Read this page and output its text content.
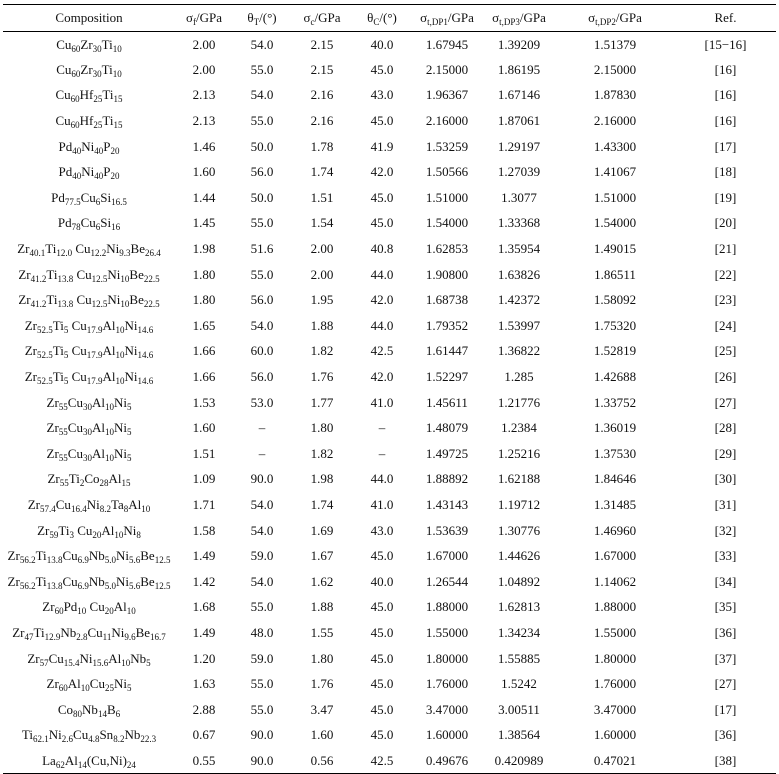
Composition	$\sigma_f$/GPa	$\theta_T/(^\circ)$	$\sigma_c$/GPa	$\theta_C/(^\circ)$	$\sigma_{t,DP1}$/GPa	$\sigma_{t,DP3}$/GPa	$\sigma_{t,DP2}$/GPa	Ref.
$Cu_{60}Zr_{30}Ti_{10}$	2.00	54.0	2.15	40.0	1.67945	1.39209	1.51379	[15−16]
$Cu_{60}Zr_{30}Ti_{10}$	2.00	55.0	2.15	45.0	2.15000	1.86195	2.15000	[16]
$Cu_{60}Hf_{25}Ti_{15}$	2.13	54.0	2.16	43.0	1.96367	1.67146	1.87830	[16]
$Cu_{60}Hf_{25}Ti_{15}$	2.13	55.0	2.16	45.0	2.16000	1.87061	2.16000	[16]
$Pd_{40}Ni_{40}P_{20}$	1.46	50.0	1.78	41.9	1.53259	1.29197	1.43300	[17]
$Pd_{40}Ni_{40}P_{20}$	1.60	56.0	1.74	42.0	1.50566	1.27039	1.41067	[18]
$Pd_{77.5}Cu_6Si_{16.5}$	1.44	50.0	1.51	45.0	1.51000	1.3077	1.51000	[19]
$Pd_{78}Cu_6Si_{16}$	1.45	55.0	1.54	45.0	1.54000	1.33368	1.54000	[20]
$Zr_{40.1}Ti_{12.0}$ $Cu_{12.2}Ni_{9.3}Be_{26.4}$	1.98	51.6	2.00	40.8	1.62853	1.35954	1.49015	[21]
$Zr_{41.2}Ti_{13.8}$ $Cu_{12.5}Ni_{10}Be_{22.5}$	1.80	55.0	2.00	44.0	1.90800	1.63826	1.86511	[22]
$Zr_{41.2}Ti_{13.8}$ $Cu_{12.5}Ni_{10}Be_{22.5}$	1.80	56.0	1.95	42.0	1.68738	1.42372	1.58092	[23]
$Zr_{52.5}Ti_5$ $Cu_{17.9}Al_{10}Ni_{14.6}$	1.65	54.0	1.88	44.0	1.79352	1.53997	1.75320	[24]
$Zr_{52.5}Ti_5$ $Cu_{17.9}Al_{10}Ni_{14.6}$	1.66	60.0	1.82	42.5	1.61447	1.36822	1.52819	[25]
$Zr_{52.5}Ti_5$ $Cu_{17.9}Al_{10}Ni_{14.6}$	1.66	56.0	1.76	42.0	1.52297	1.285	1.42688	[26]
$Zr_{55}Cu_{30}Al_{10}Ni_5$	1.53	53.0	1.77	41.0	1.45611	1.21776	1.33752	[27]
$Zr_{55}Cu_{30}Al_{10}Ni_5$	1.60	–	1.80	–	1.48079	1.2384	1.36019	[28]
$Zr_{55}Cu_{30}Al_{10}Ni_5$	1.51	–	1.82	–	1.49725	1.25216	1.37530	[29]
$Zr_{55}Ti_2Co_{28}Al_{15}$	1.09	90.0	1.98	44.0	1.88892	1.62188	1.84646	[30]
$Zr_{57.4}Cu_{16.4}Ni_{8.2}Ta_8Al_{10}$	1.71	54.0	1.74	41.0	1.43143	1.19712	1.31485	[31]
$Zr_{59}Ti_3$ $Cu_{20}Al_{10}Ni_8$	1.58	54.0	1.69	43.0	1.53639	1.30776	1.46960	[32]
$Zr_{56.2}Ti_{13.8}Cu_{6.9}Nb_{5.0}Ni_{5.6}Be_{12.5}$	1.49	59.0	1.67	45.0	1.67000	1.44626	1.67000	[33]
$Zr_{56.2}Ti_{13.8}Cu_{6.9}Nb_{5.0}Ni_{5.6}Be_{12.5}$	1.42	54.0	1.62	40.0	1.26544	1.04892	1.14062	[34]
$Zr_{60}Pd_{10}$ $Cu_{20}Al_{10}$	1.68	55.0	1.88	45.0	1.88000	1.62813	1.88000	[35]
$Zr_{47}Ti_{12.9}Nb_{2.8}Cu_{11}Ni_{9.6}Be_{16.7}$	1.49	48.0	1.55	45.0	1.55000	1.34234	1.55000	[36]
$Zr_{57}Cu_{15.4}Ni_{15.6}Al_{10}Nb_5$	1.20	59.0	1.80	45.0	1.80000	1.55885	1.80000	[37]
$Zr_{60}Al_{10}Cu_{25}Ni_5$	1.63	55.0	1.76	45.0	1.76000	1.5242	1.76000	[27]
$Co_{80}Nb_{14}B_6$	2.88	55.0	3.47	45.0	3.47000	3.00511	3.47000	[17]
$Ti_{62.1}Ni_{2.6}Cu_{4.8}Sn_{8.2}Nb_{22.3}$	0.67	90.0	1.60	45.0	1.60000	1.38564	1.60000	[36]
$La_{62}Al_{14}(Cu,Ni)_{24}$	0.55	90.0	0.56	42.5	0.49676	0.420989	0.47021	[38]
